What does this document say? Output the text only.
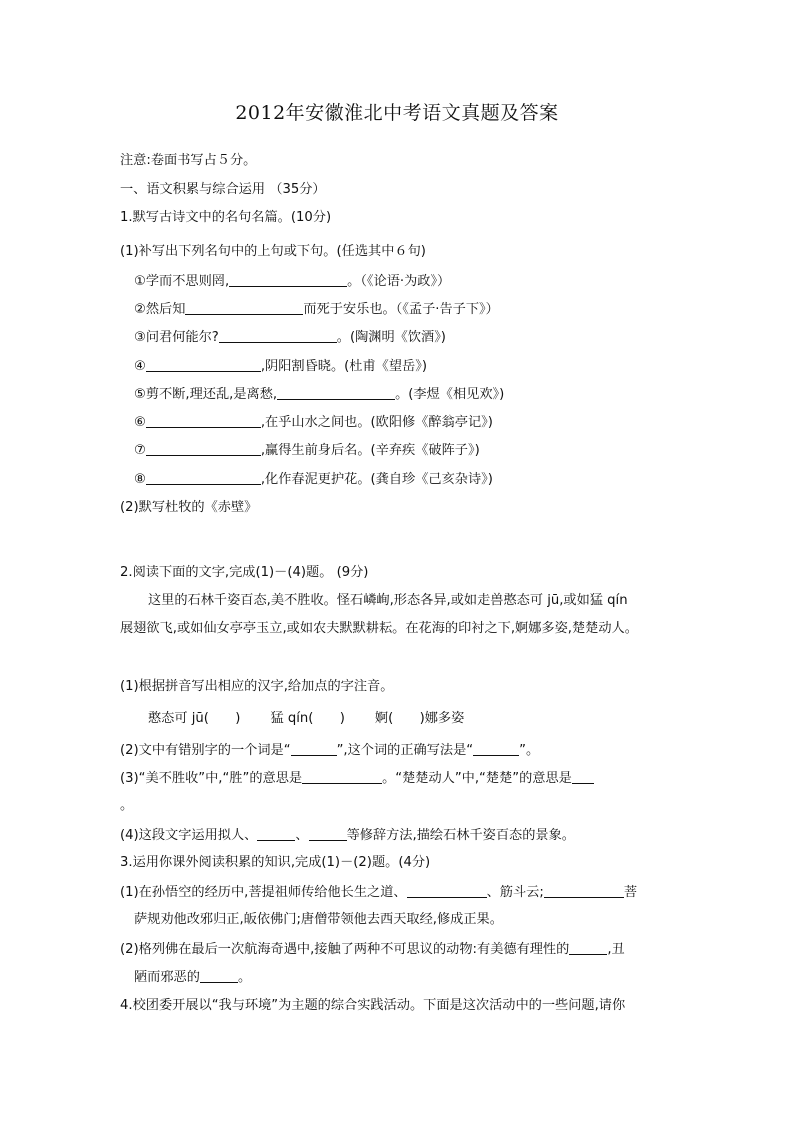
2012年安徽淮北中考语文真题及答案
注意:卷面书写占５分。
一、语文积累与综合运用 （35分）
1.默写古诗文中的名句名篇。(10分)
(1)补写出下列名句中的上句或下句。(任选其中６句)
①学而不思则罔,	。（《论语·为政》）
②然后知	而死于安乐也。（《孟子·告子下》）
③问君何能尔?	。(陶渊明《饮酒》)
④	,阴阳割昏晓。(杜甫《望岳》)
⑤剪不断,理还乱,是离愁,	。(李煜《相见欢》)
⑥	,在乎山水之间也。(欧阳修《醉翁亭记》)
⑦	,赢得生前身后名。(辛弃疾《破阵子》)
⑧	,化作春泥更护花。(龚自珍《己亥杂诗》)
(2)默写杜牧的《赤壁》
2.阅读下面的文字,完成(1)－(4)题。 (9分)
这里的石林千姿百态,美不胜收。怪石嶙峋,形态各异,或如走兽憨态可 jū,或如猛 qín
展翅欲飞,或如仙女亭亭玉立,或如农夫默默耕耘。在花海的印衬之下,婀娜多姿,楚楚动人。
(1)根据拼音写出相应的汉字,给加点的字注音。
憨态可 jū(　　) 猛 qín(　　) 婀(　　)娜多姿
(2)文中有错别字的一个词是“	”,这个词的正确写法是“	”。
(3)“美不胜收”中,“胜”的意思是	。“楚楚动人”中,“楚楚”的意思是
。
(4)这段文字运用拟人、	、	等修辞方法,描绘石林千姿百态的景象。
3.运用你课外阅读积累的知识,完成(1)－(2)题。(4分)
(1)在孙悟空的经历中,菩提祖师传给他长生之道、	、筋斗云;	菩
萨规劝他改邪归正,皈依佛门;唐僧带领他去西天取经,修成正果。
(2)格列佛在最后一次航海奇遇中,接触了两种不可思议的动物:有美德有理性的	,丑
陋而邪恶的	。
4.校团委开展以“我与环境”为主题的综合实践活动。下面是这次活动中的一些问题,请你
